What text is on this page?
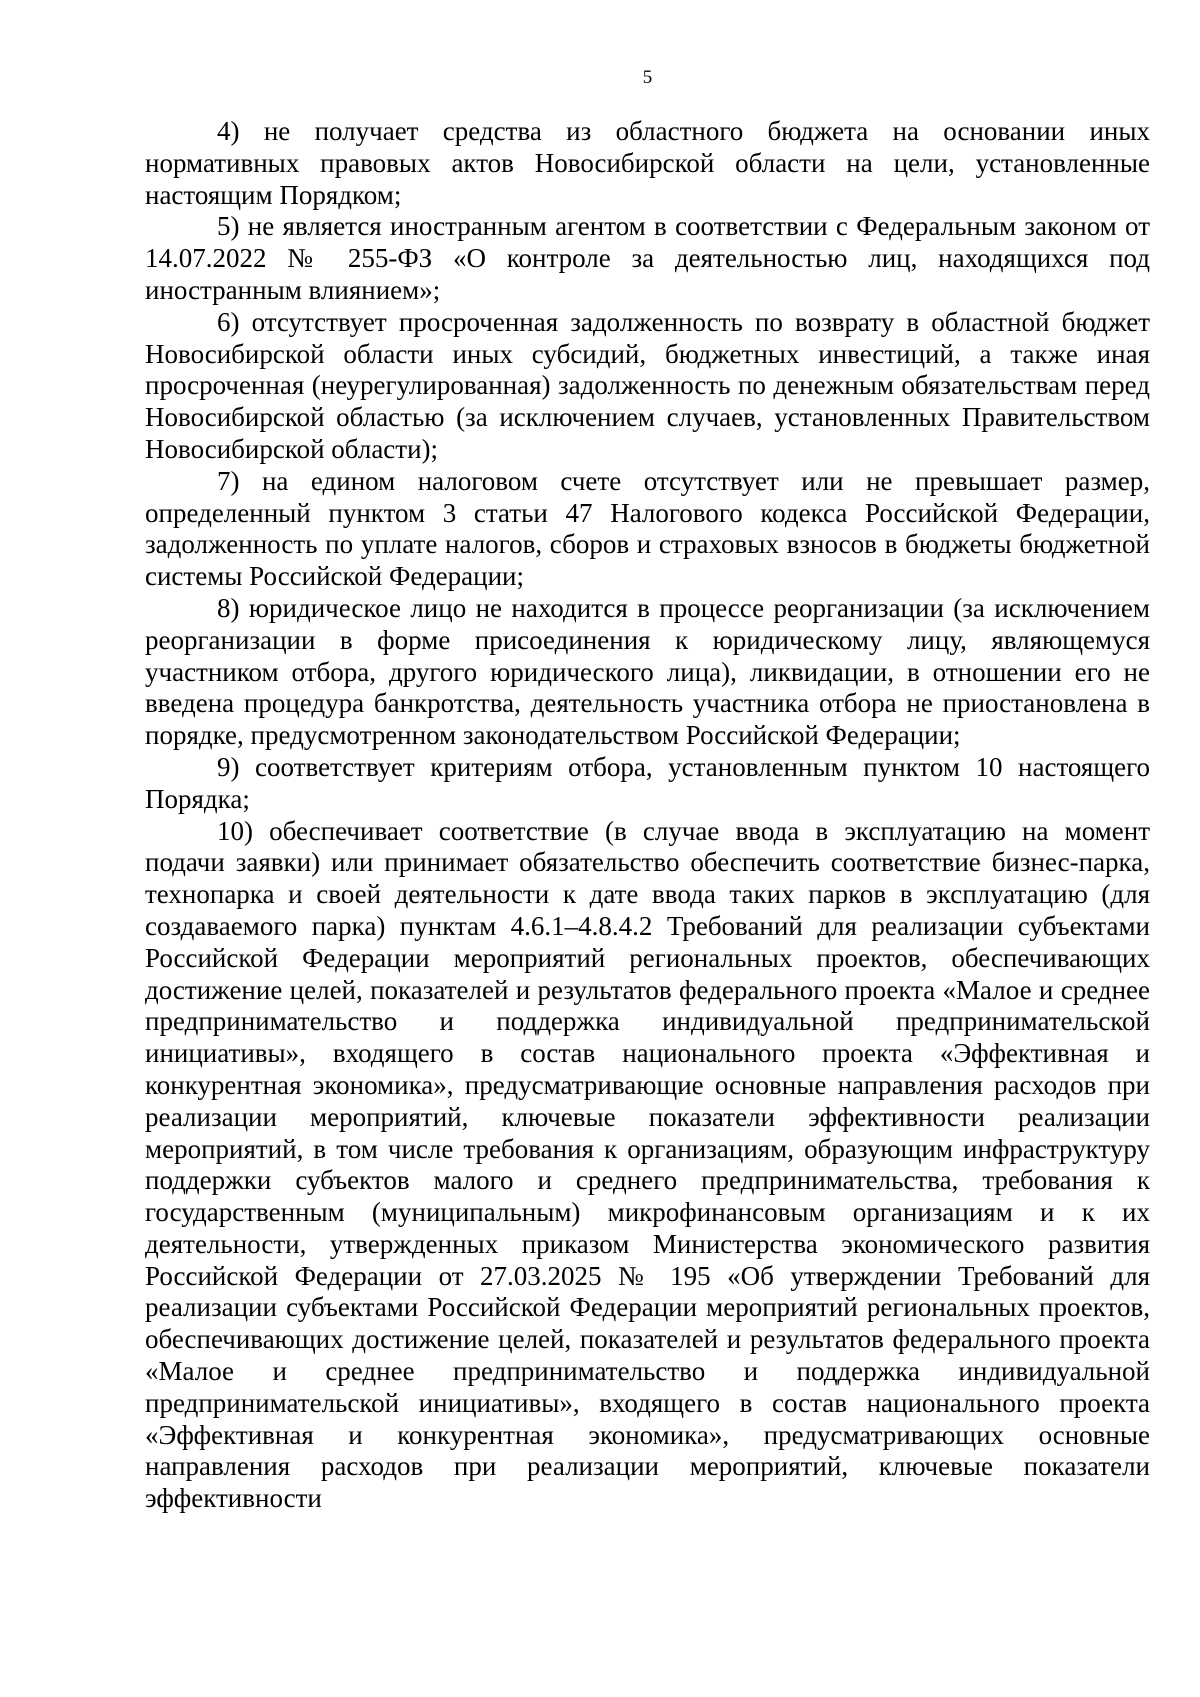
5

4) не получает средства из областного бюджета на основании иных нормативных правовых актов Новосибирской области на цели, установленные настоящим Порядком;

5) не является иностранным агентом в соответствии с Федеральным законом от 14.07.2022 № 255-ФЗ «О контроле за деятельностью лиц, находящихся под иностранным влиянием»;

6) отсутствует просроченная задолженность по возврату в областной бюджет Новосибирской области иных субсидий, бюджетных инвестиций, а также иная просроченная (неурегулированная) задолженность по денежным обязательствам перед Новосибирской областью (за исключением случаев, установленных Правительством Новосибирской области);

7) на едином налоговом счете отсутствует или не превышает размер, определенный пунктом 3 статьи 47 Налогового кодекса Российской Федерации, задолженность по уплате налогов, сборов и страховых взносов в бюджеты бюджетной системы Российской Федерации;

8) юридическое лицо не находится в процессе реорганизации (за исключением реорганизации в форме присоединения к юридическому лицу, являющемуся участником отбора, другого юридического лица), ликвидации, в отношении его не введена процедура банкротства, деятельность участника отбора не приостановлена в порядке, предусмотренном законодательством Российской Федерации;

9) соответствует критериям отбора, установленным пунктом 10 настоящего Порядка;

10) обеспечивает соответствие (в случае ввода в эксплуатацию на момент подачи заявки) или принимает обязательство обеспечить соответствие бизнес-парка, технопарка и своей деятельности к дате ввода таких парков в эксплуатацию (для создаваемого парка) пунктам 4.6.1–4.8.4.2 Требований для реализации субъектами Российской Федерации мероприятий региональных проектов, обеспечивающих достижение целей, показателей и результатов федерального проекта «Малое и среднее предпринимательство и поддержка индивидуальной предпринимательской инициативы», входящего в состав национального проекта «Эффективная и конкурентная экономика», предусматривающие основные направления расходов при реализации мероприятий, ключевые показатели эффективности реализации мероприятий, в том числе требования к организациям, образующим инфраструктуру поддержки субъектов малого и среднего предпринимательства, требования к государственным (муниципальным) микрофинансовым организациям и к их деятельности, утвержденных приказом Министерства экономического развития Российской Федерации от 27.03.2025 № 195 «Об утверждении Требований для реализации субъектами Российской Федерации мероприятий региональных проектов, обеспечивающих достижение целей, показателей и результатов федерального проекта «Малое и среднее предпринимательство и поддержка индивидуальной предпринимательской инициативы», входящего в состав национального проекта «Эффективная и конкурентная экономика», предусматривающих основные направления расходов при реализации мероприятий, ключевые показатели эффективности
